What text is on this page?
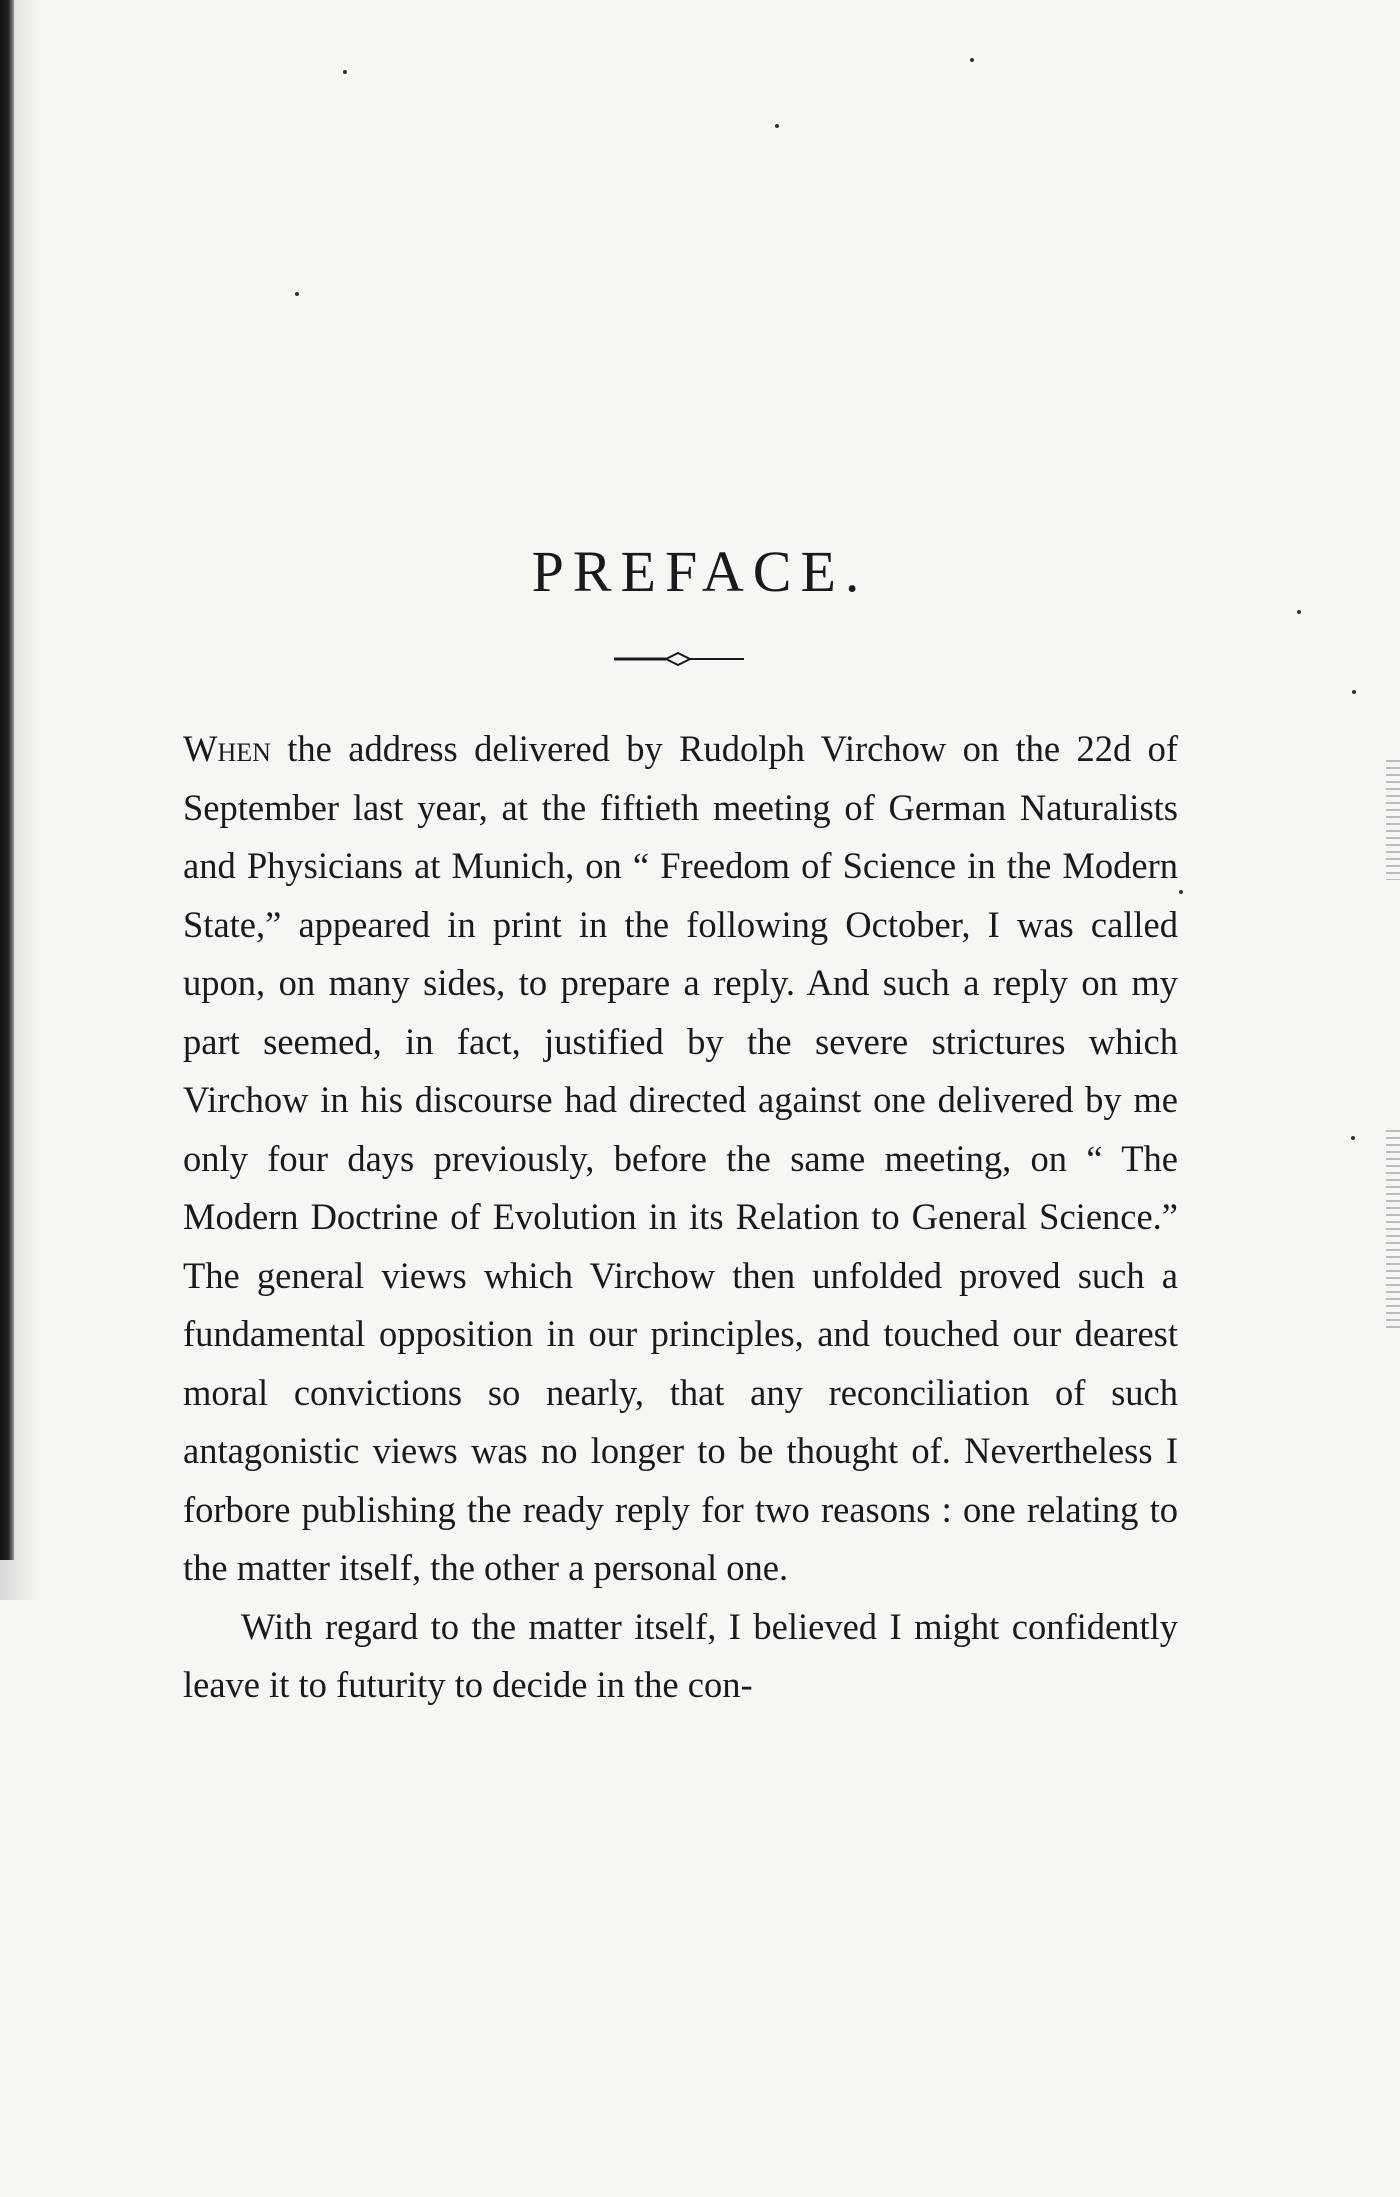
PREFACE.

When the address delivered by Rudolph Virchow on the 22d of September last year, at the fiftieth meeting of German Naturalists and Physicians at Munich, on “ Freedom of Science in the Modern State,” appeared in print in the following October, I was called upon, on many sides, to prepare a reply. And such a reply on my part seemed, in fact, justified by the severe strictures which Virchow in his discourse had directed against one delivered by me only four days previously, before the same meeting, on “ The Modern Doctrine of Evolution in its Relation to General Science.” The general views which Virchow then unfolded proved such a fundamental opposition in our principles, and touched our dearest moral convictions so nearly, that any reconciliation of such antagonistic views was no longer to be thought of. Nevertheless I forbore publishing the ready reply for two reasons : one relating to the matter itself, the other a personal one.

With regard to the matter itself, I believed I might confidently leave it to futurity to decide in the con-
